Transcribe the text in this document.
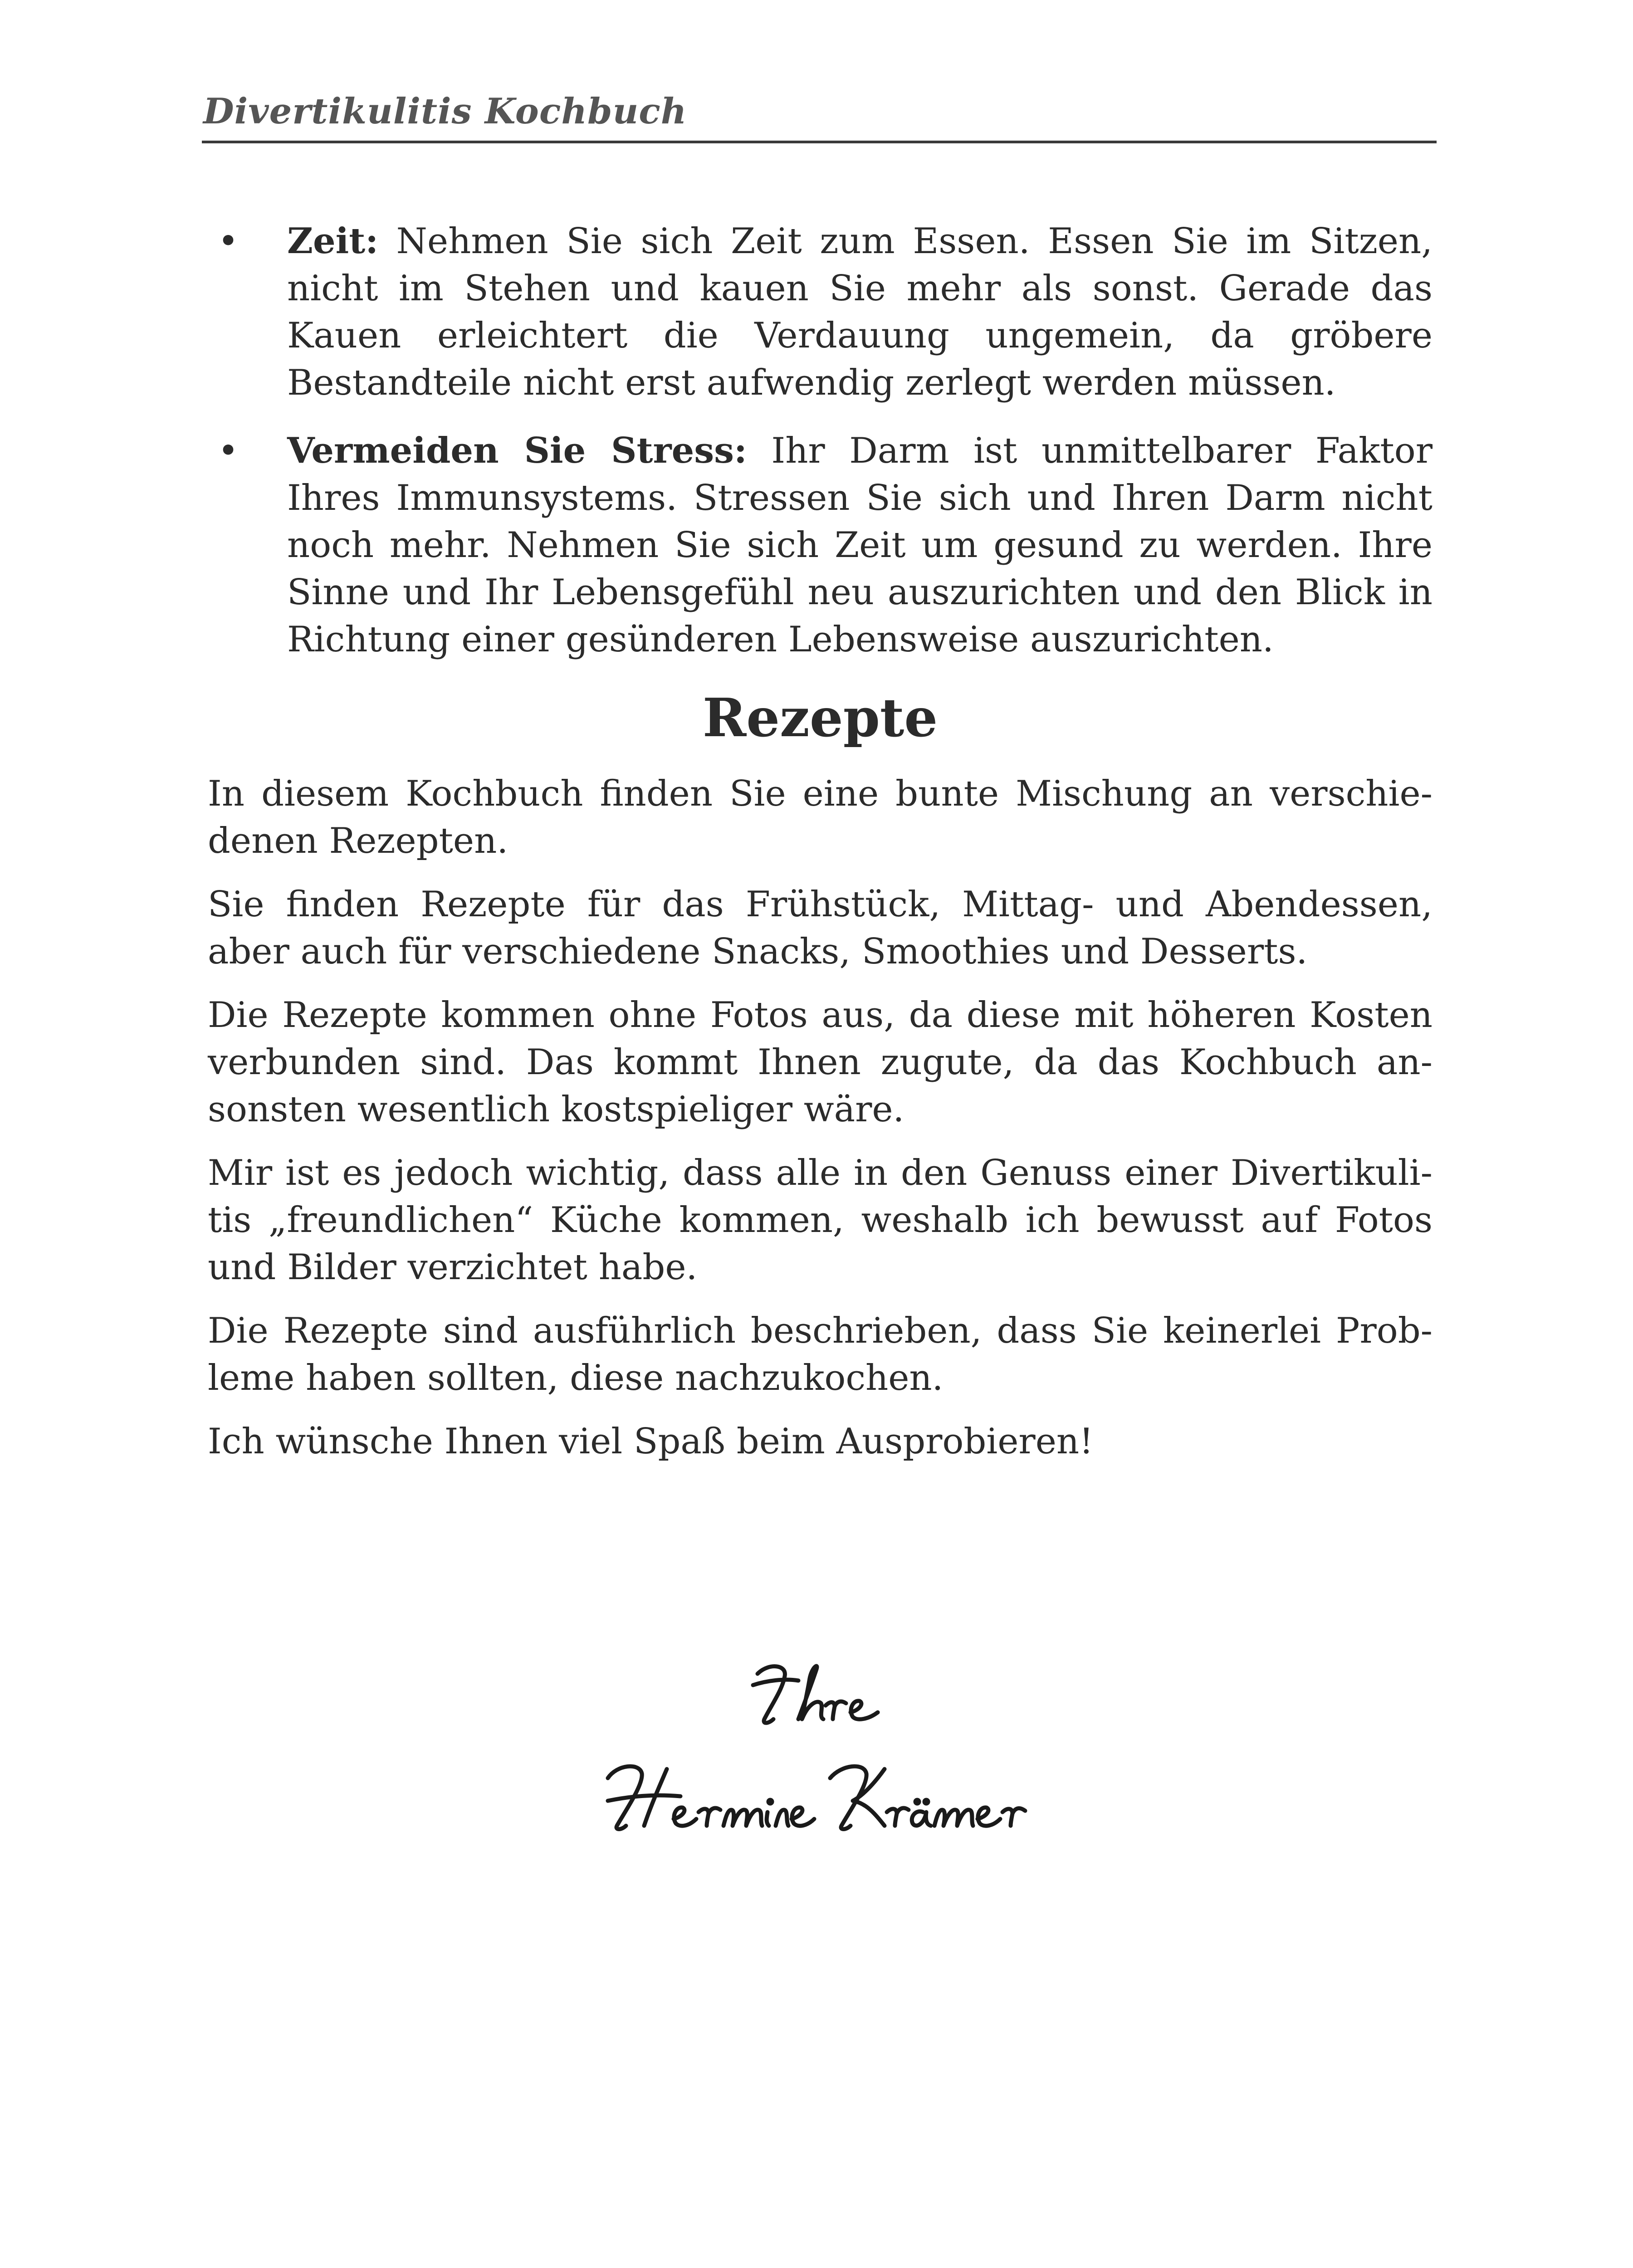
Divertikulitis Kochbuch
• Zeit: Nehmen Sie sich Zeit zum Essen. Essen Sie im Sitzen, nicht im Stehen und kauen Sie mehr als sonst. Gerade das Kauen erleichtert die Verdauung ungemein, da gröbere Bestandteile nicht erst aufwendig zerlegt werden müssen.
• Vermeiden Sie Stress: Ihr Darm ist unmittelbarer Faktor Ihres Immunsystems. Stressen Sie sich und Ihren Darm nicht noch mehr. Nehmen Sie sich Zeit um gesund zu werden. Ihre Sinne und Ihr Lebensgefühl neu auszurichten und den Blick in Richtung einer gesünderen Lebensweise auszurichten.
Rezepte

In diesem Kochbuch finden Sie eine bunte Mischung an verschiedenen Rezepten.

Sie finden Rezepte für das Frühstück, Mittag- und Abendessen, aber auch für verschiedene Snacks, Smoothies und Desserts.

Die Rezepte kommen ohne Fotos aus, da diese mit höheren Kosten verbunden sind. Das kommt Ihnen zugute, da das Kochbuch ansonsten wesentlich kostspieliger wäre.

Mir ist es jedoch wichtig, dass alle in den Genuss einer Divertikulitis „freundlichen“ Küche kommen, weshalb ich bewusst auf Fotos und Bilder verzichtet habe.

Die Rezepte sind ausführlich beschrieben, dass Sie keinerlei Probleme haben sollten, diese nachzukochen.

Ich wünsche Ihnen viel Spaß beim Ausprobieren!
